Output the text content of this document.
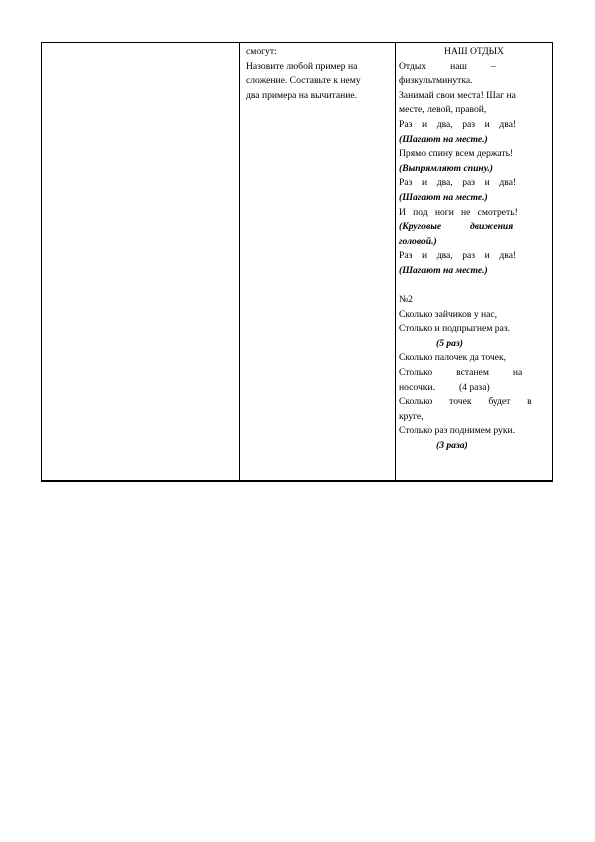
смогут:

Назовите любой пример на

сложение. Составьте к нему

два примера на вычитание.

НАШ ОТДЫХ

Отдых          наш          –

физкультминутка.

Занимай свои места! Шаг на

месте, левой, правой,

Раз    и    два,    раз    и    два!

(Шагают на месте.)

Прямо спину всем держать!

(Выпрямляют спину.)

Раз    и    два,    раз    и    два!

(Шагают на месте.)

И   под   ноги   не   смотреть!

(Круговые            движения

головой.)

Раз    и    два,    раз    и    два!

(Шагают на месте.)

№2

Сколько зайчиков у нас,

Столько и подпрыгнем раз.

(5 раз)

Сколько палочек да точек,

Столько          встанем          на

носочки.          (4 раза)

Сколько       точек       будет       в

круге,

Столько раз поднимем руки.

(3 раза)
